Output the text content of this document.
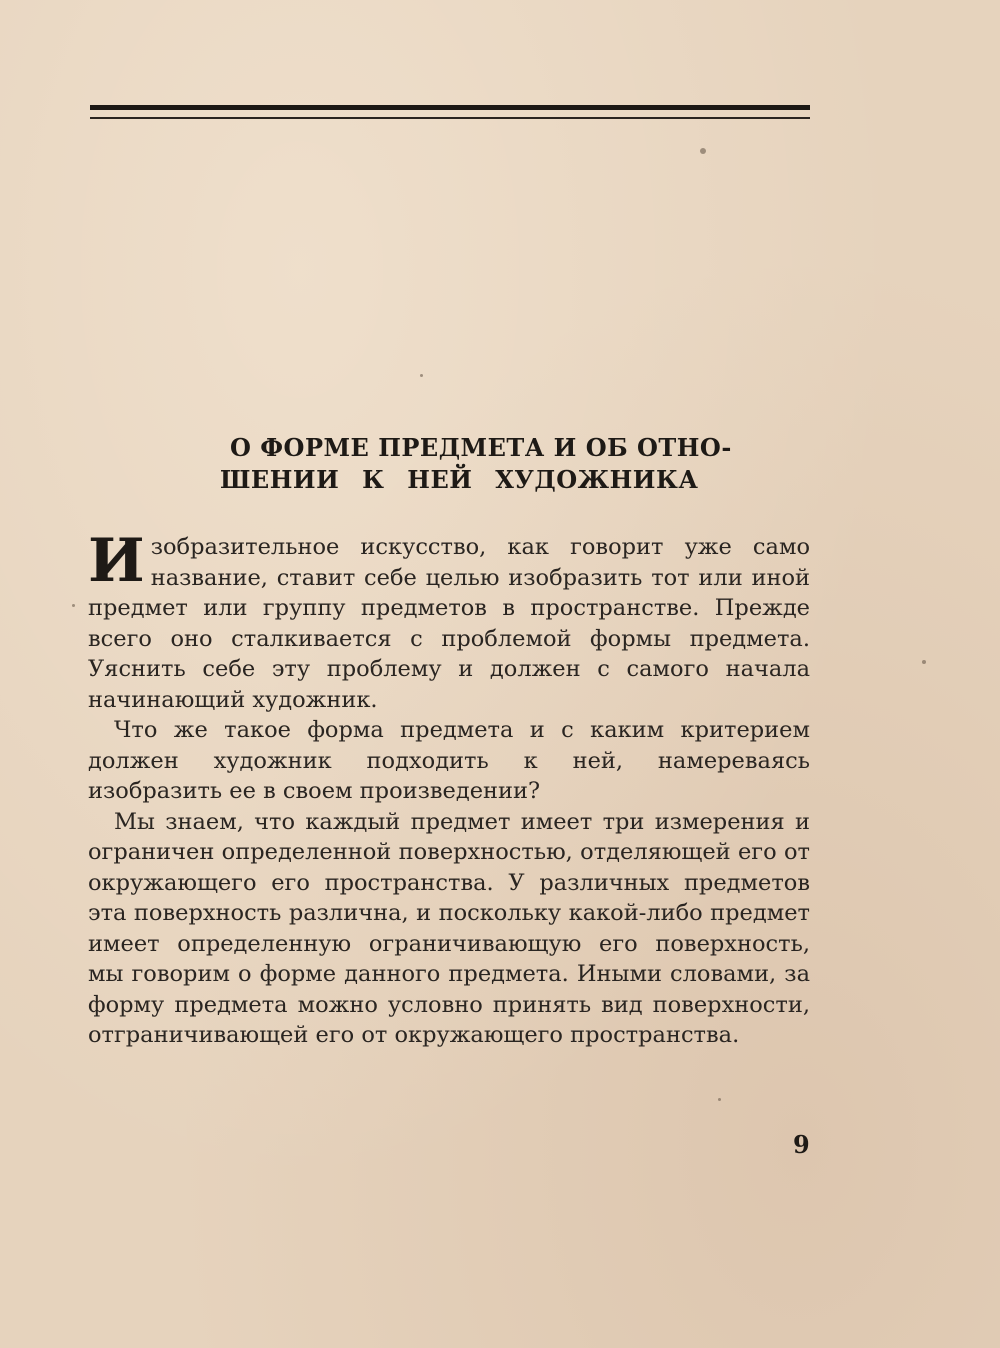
О ФОРМЕ ПРЕДМЕТА И ОБ ОТНО-
ШЕНИИ К НЕЙ ХУДОЖНИКА

Изобразительное искусство, как говорит уже само название, ставит себе целью изобразить тот или иной предмет или группу предметов в пространстве. Прежде всего оно сталкивается с проблемой формы предмета. Уяснить себе эту проблему и должен с самого начала начинающий художник.

Что же такое форма предмета и с каким критерием должен художник подходить к ней, намереваясь изобразить ее в своем произведении?

Мы знаем, что каждый предмет имеет три измерения и ограничен определенной поверхностью, отделяющей его от окружающего его пространства. У различных предметов эта поверхность различна, и поскольку какой-либо предмет имеет определенную ограничивающую его поверхность, мы говорим о форме данного предмета. Иными словами, за форму предмета можно условно принять вид поверхности, отграничивающей его от окружающего пространства.

9
